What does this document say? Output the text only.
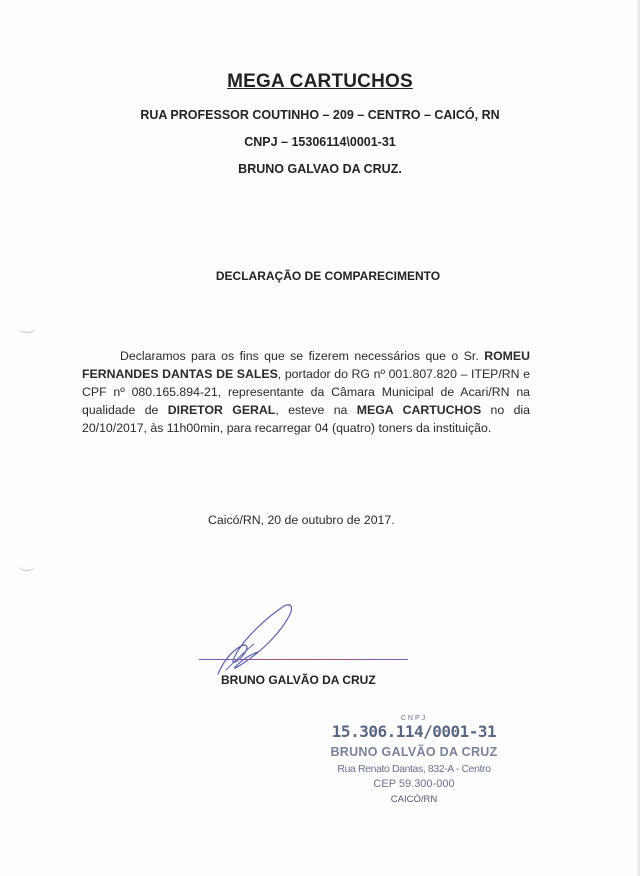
MEGA CARTUCHOS
RUA PROFESSOR COUTINHO – 209 – CENTRO – CAICÓ, RN
CNPJ – 15306114\0001-31
BRUNO GALVAO DA CRUZ.
DECLARAÇÃO DE COMPARECIMENTO

Declaramos para os fins que se fizerem necessários que o Sr. ROMEU FERNANDES DANTAS DE SALES, portador do RG nº 001.807.820 – ITEP/RN e CPF nº 080.165.894-21, representante da Câmara Municipal de Acari/RN na qualidade de DIRETOR GERAL, esteve na MEGA CARTUCHOS no dia 20/10/2017, às 11h00min, para recarregar 04 (quatro) toners da instituição.

Caicó/RN, 20 de outubro de 2017.
BRUNO GALVÃO DA CRUZ
CNPJ
15.306.114/0001-31
BRUNO GALVÃO DA CRUZ
Rua Renato Dantas, 832-A - Centro
CEP 59.300-000
CAICÓ/RN
